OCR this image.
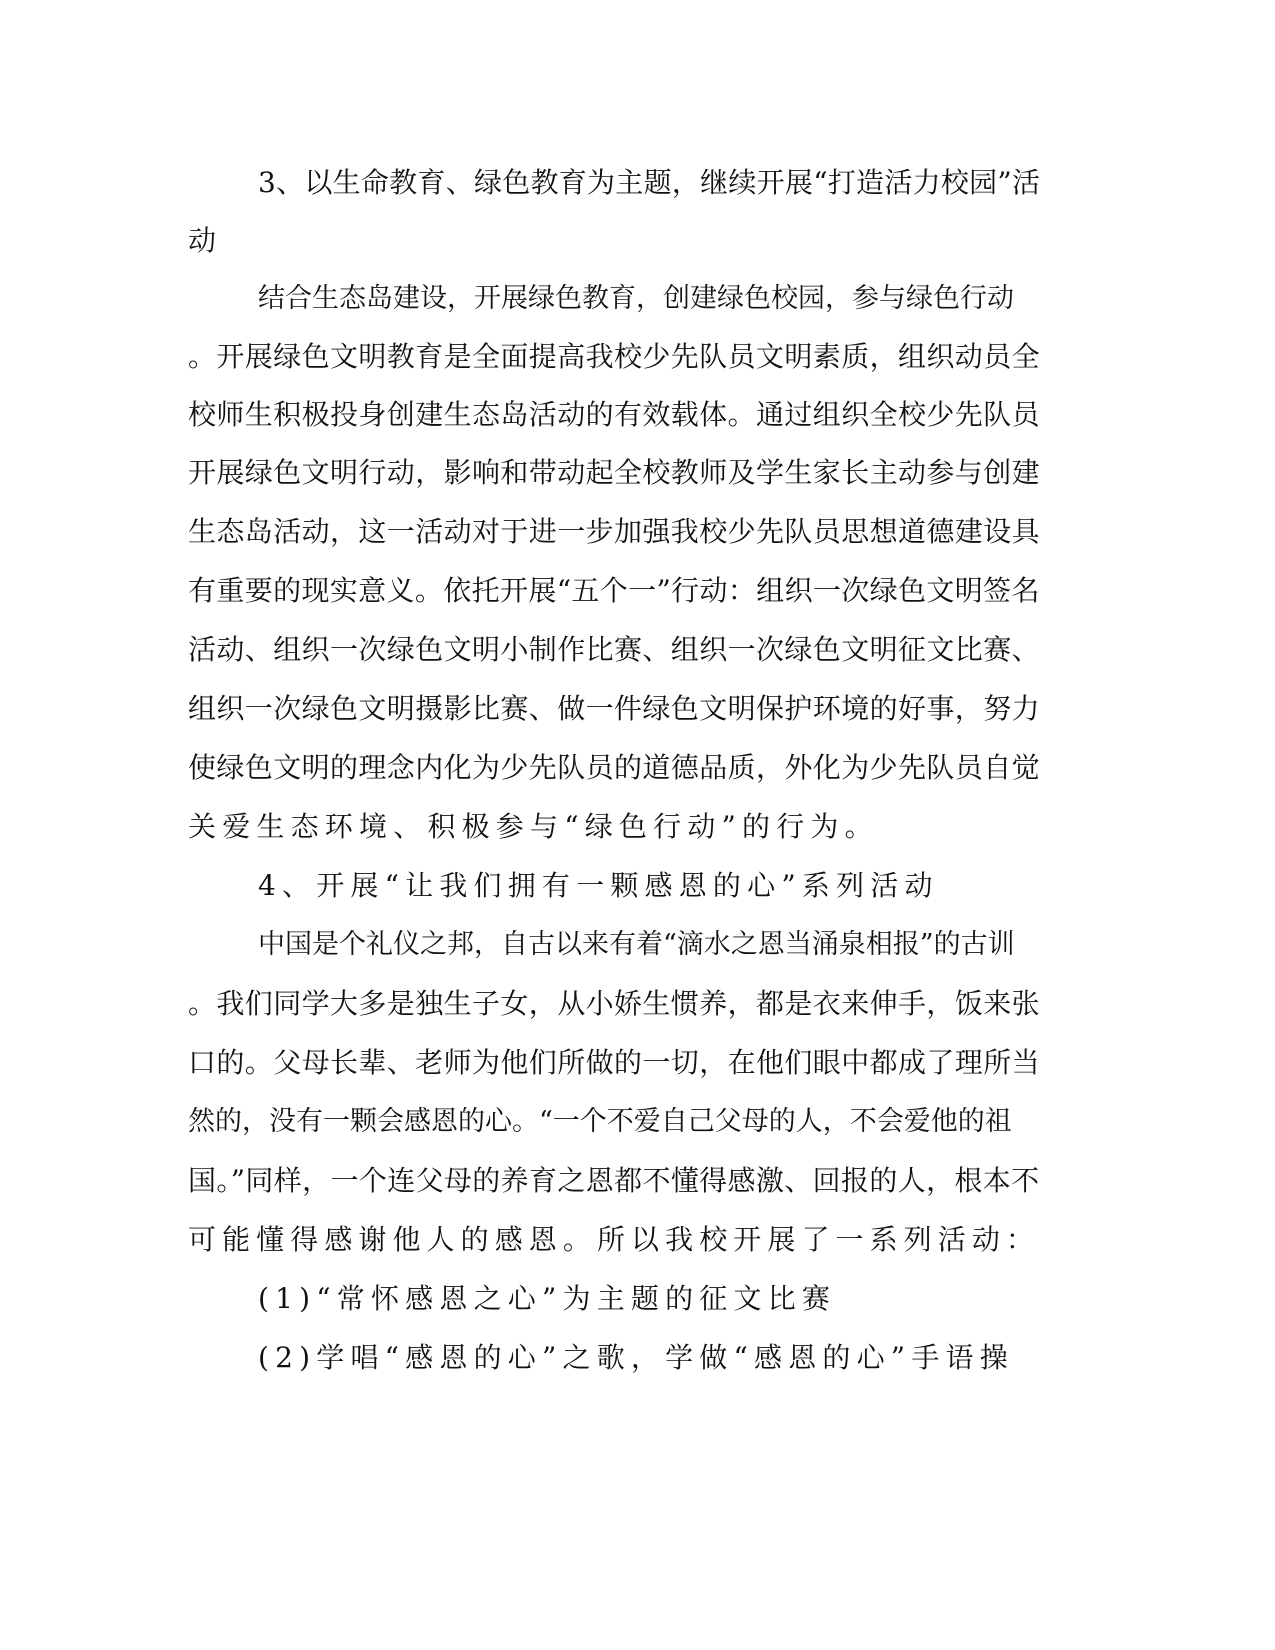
3、以生命教育、绿色教育为主题，继续开展“打造活力校园”活
动
结合生态岛建设，开展绿色教育，创建绿色校园，参与绿色行动
。开展绿色文明教育是全面提高我校少先队员文明素质，组织动员全
校师生积极投身创建生态岛活动的有效载体。通过组织全校少先队员
开展绿色文明行动，影响和带动起全校教师及学生家长主动参与创建
生态岛活动，这一活动对于进一步加强我校少先队员思想道德建设具
有重要的现实意义。依托开展“五个一”行动：组织一次绿色文明签名
活动、组织一次绿色文明小制作比赛、组织一次绿色文明征文比赛、
组织一次绿色文明摄影比赛、做一件绿色文明保护环境的好事，努力
使绿色文明的理念内化为少先队员的道德品质，外化为少先队员自觉
关爱生态环境、积极参与“绿色行动”的行为。
4、开展“让我们拥有一颗感恩的心”系列活动
中国是个礼仪之邦，自古以来有着“滴水之恩当涌泉相报”的古训
。我们同学大多是独生子女，从小娇生惯养，都是衣来伸手，饭来张
口的。父母长辈、老师为他们所做的一切，在他们眼中都成了理所当
然的，没有一颗会感恩的心。“一个不爱自己父母的人，不会爱他的祖
国。”同样，一个连父母的养育之恩都不懂得感激、回报的人，根本不
可能懂得感谢他人的感恩。所以我校开展了一系列活动：
(1)“常怀感恩之心”为主题的征文比赛
(2)学唱“感恩的心”之歌，学做“感恩的心”手语操
